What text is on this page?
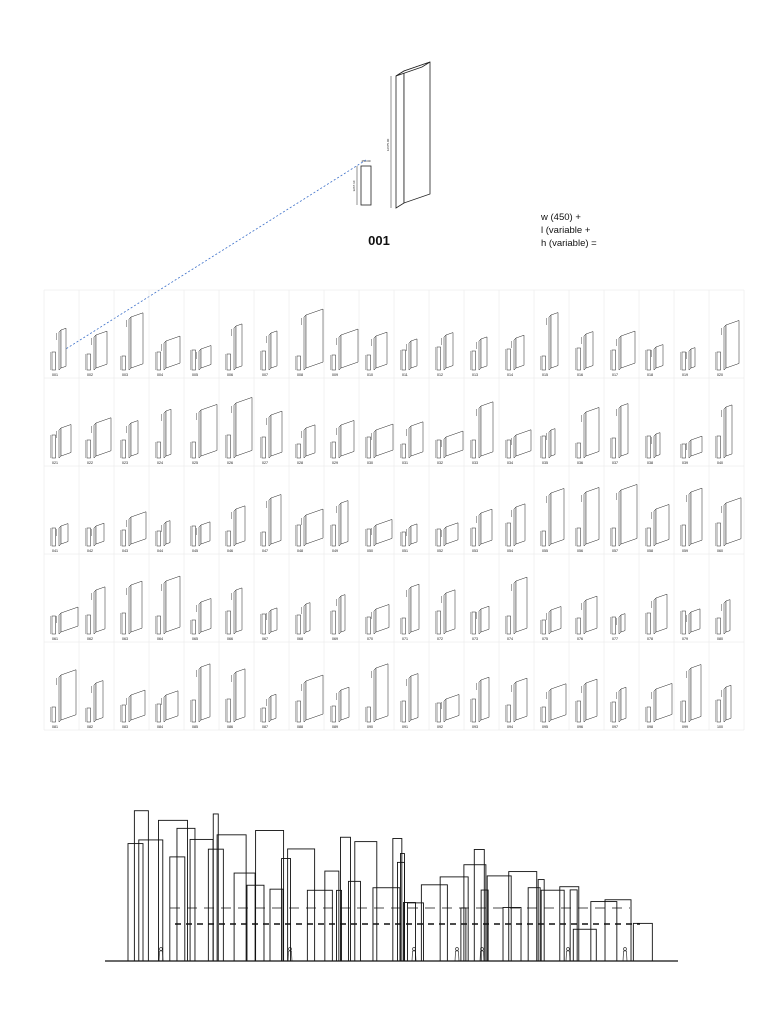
12675.00
3267.10
450.00
001
w (450) +
l (variable +
h (variable) =
001	002	003	004	005	006	007	008	009	010	011	012	013	014	015	016	017	018	019	020
021	022	023	024	025	026	027	028	029	030	031	032	033	034	035	036	037	038	039	040
041	042	043	044	045	046	047	048	049	050	051	052	053	054	055	056	057	058	059	060
061	062	063	064	065	066	067	068	069	070	071	072	073	074	075	076	077	078	079	080
081	082	083	084	085	086	087	088	089	090	091	092	093	094	095	096	097	098	099	100
